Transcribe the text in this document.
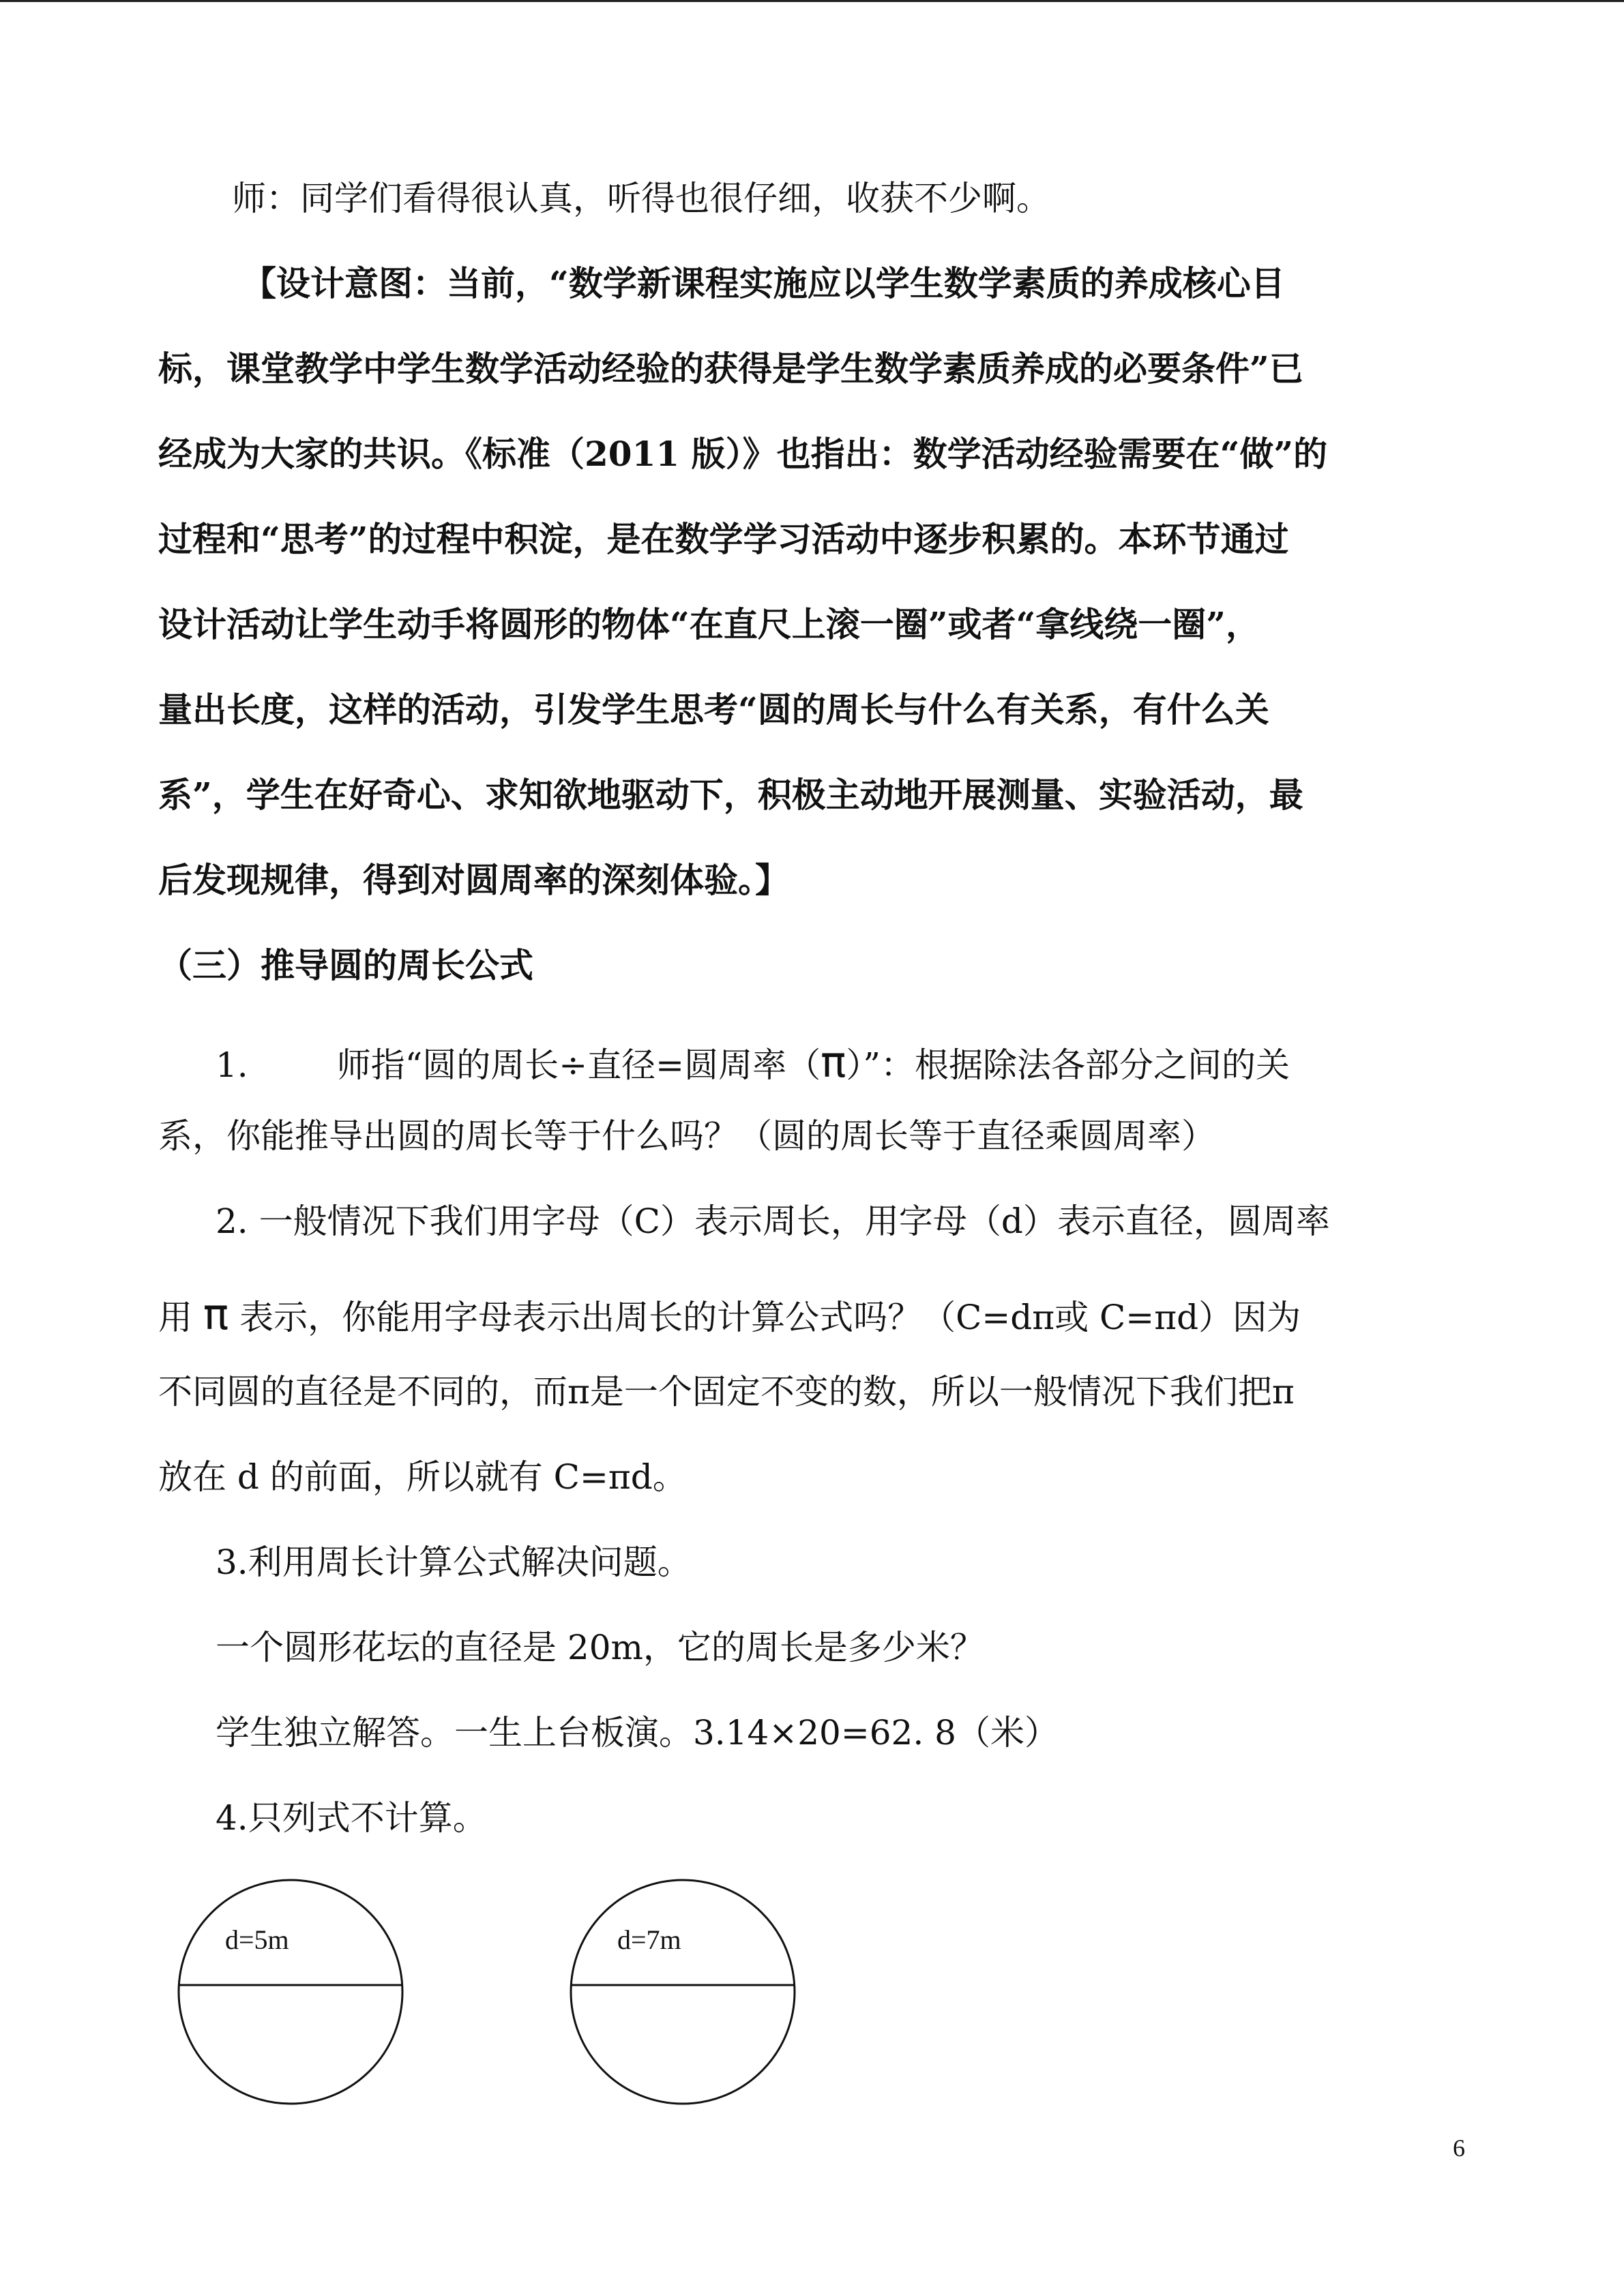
师：同学们看得很认真，听得也很仔细，收获不少啊。
【设计意图：当前，“数学新课程实施应以学生数学素质的养成核心目
标，课堂教学中学生数学活动经验的获得是学生数学素质养成的必要条件”已
经成为大家的共识。《标准（2011 版）》也指出：数学活动经验需要在“做”的
过程和“思考”的过程中积淀，是在数学学习活动中逐步积累的。本环节通过
设计活动让学生动手将圆形的物体“在直尺上滚一圈”或者“拿线绕一圈”，
量出长度，这样的活动，引发学生思考“圆的周长与什么有关系，有什么关
系”，学生在好奇心、求知欲地驱动下，积极主动地开展测量、实验活动，最
后发现规律，得到对圆周率的深刻体验。】
（三）推导圆的周长公式
1.	师指“圆的周长÷直径=圆周率（π）”：根据除法各部分之间的关
系，你能推导出圆的周长等于什么吗？（圆的周长等于直径乘圆周率）
2. 一般情况下我们用字母（C）表示周长，用字母（d）表示直径，圆周率
用 π 表示，你能用字母表示出周长的计算公式吗？（C=dπ或 C=πd）因为
不同圆的直径是不同的，而π是一个固定不变的数，所以一般情况下我们把π
放在 d 的前面，所以就有 C=πd。
3.利用周长计算公式解决问题。
一个圆形花坛的直径是 20m，它的周长是多少米？
学生独立解答。一生上台板演。3.14×20=62. 8（米）
4.只列式不计算。
d=5m	d=7m
6
